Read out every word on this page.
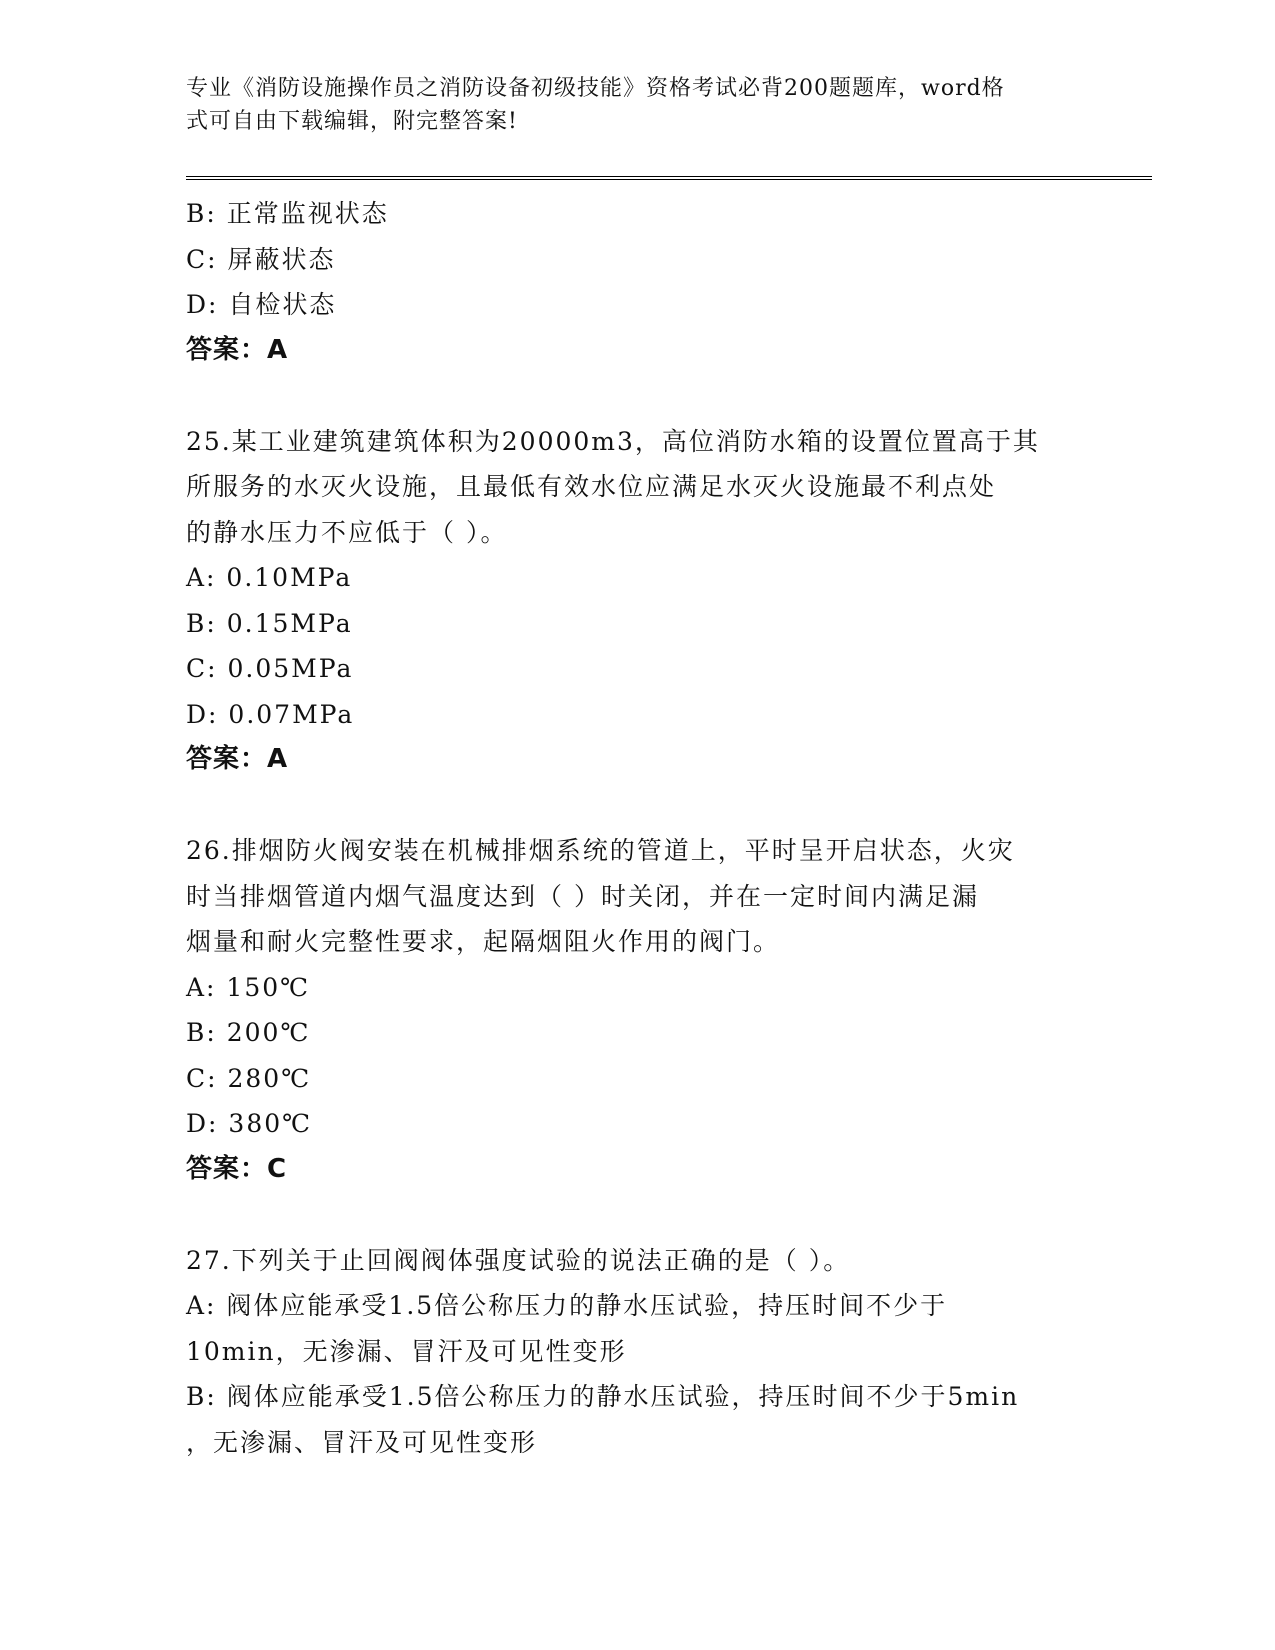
专业《消防设施操作员之消防设备初级技能》资格考试必背200题题库，word格
式可自由下载编辑，附完整答案!
B: 正常监视状态
C: 屏蔽状态
D: 自检状态
答案：A
25.某工业建筑建筑体积为20000m3，高位消防水箱的设置位置高于其
所服务的水灭火设施，且最低有效水位应满足水灭火设施最不利点处
的静水压力不应低于（ ）。
A: 0.10MPa
B: 0.15MPa
C: 0.05MPa
D: 0.07MPa
答案：A
26.排烟防火阀安装在机械排烟系统的管道上，平时呈开启状态，火灾
时当排烟管道内烟气温度达到（ ）时关闭，并在一定时间内满足漏
烟量和耐火完整性要求，起隔烟阻火作用的阀门。
A: 150℃
B: 200℃
C: 280℃
D: 380℃
答案：C
27.下列关于止回阀阀体强度试验的说法正确的是（ ）。
A: 阀体应能承受1.5倍公称压力的静水压试验，持压时间不少于
10min，无渗漏、冒汗及可见性变形
B: 阀体应能承受1.5倍公称压力的静水压试验，持压时间不少于5min
，无渗漏、冒汗及可见性变形
